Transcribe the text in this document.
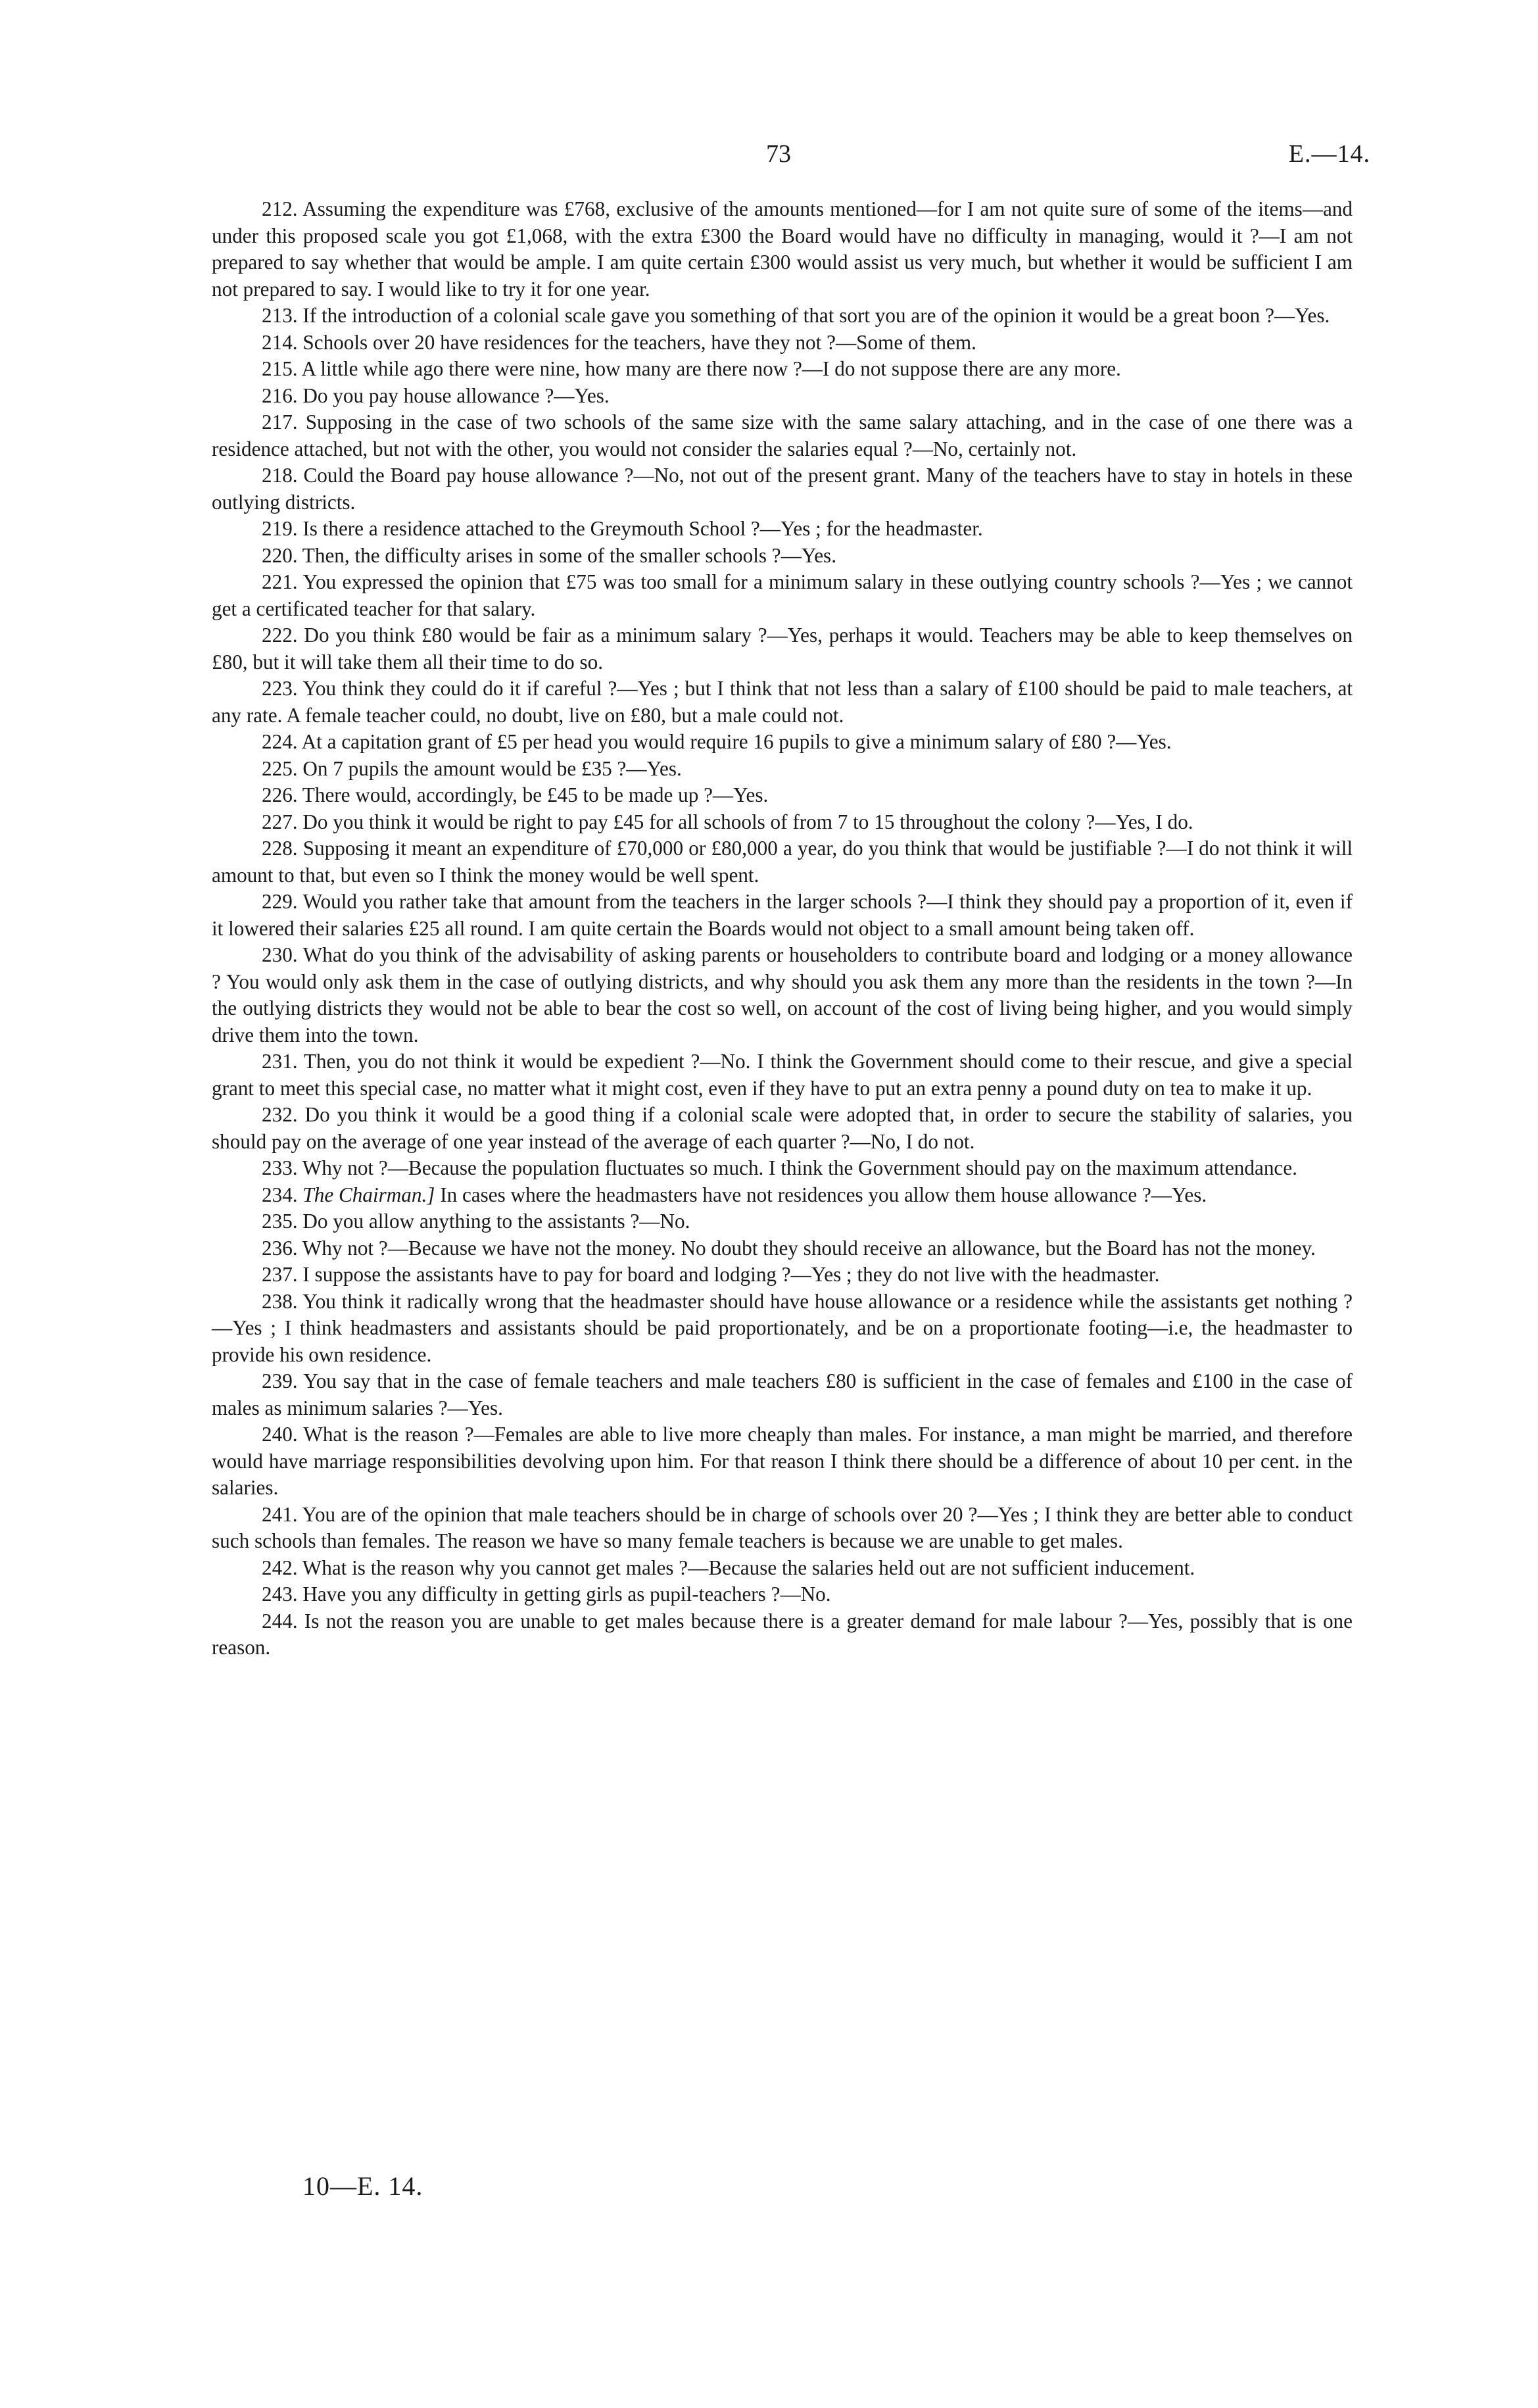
73	E.—14.

212. Assuming the expenditure was £768, exclusive of the amounts mentioned—for I am not quite sure of some of the items—and under this proposed scale you got £1,068, with the extra £300 the Board would have no difficulty in managing, would it ?—I am not prepared to say whether that would be ample. I am quite certain £300 would assist us very much, but whether it would be sufficient I am not prepared to say. I would like to try it for one year.

213. If the introduction of a colonial scale gave you something of that sort you are of the opinion it would be a great boon ?—Yes.

214. Schools over 20 have residences for the teachers, have they not ?—Some of them.

215. A little while ago there were nine, how many are there now ?—I do not suppose there are any more.

216. Do you pay house allowance ?—Yes.

217. Supposing in the case of two schools of the same size with the same salary attaching, and in the case of one there was a residence attached, but not with the other, you would not consider the salaries equal ?—No, certainly not.

218. Could the Board pay house allowance ?—No, not out of the present grant. Many of the teachers have to stay in hotels in these outlying districts.

219. Is there a residence attached to the Greymouth School ?—Yes ; for the headmaster.

220. Then, the difficulty arises in some of the smaller schools ?—Yes.

221. You expressed the opinion that £75 was too small for a minimum salary in these outlying country schools ?—Yes ; we cannot get a certificated teacher for that salary.

222. Do you think £80 would be fair as a minimum salary ?—Yes, perhaps it would. Teachers may be able to keep themselves on £80, but it will take them all their time to do so.

223. You think they could do it if careful ?—Yes ; but I think that not less than a salary of £100 should be paid to male teachers, at any rate. A female teacher could, no doubt, live on £80, but a male could not.

224. At a capitation grant of £5 per head you would require 16 pupils to give a minimum salary of £80 ?—Yes.

225. On 7 pupils the amount would be £35 ?—Yes.

226. There would, accordingly, be £45 to be made up ?—Yes.

227. Do you think it would be right to pay £45 for all schools of from 7 to 15 throughout the colony ?—Yes, I do.

228. Supposing it meant an expenditure of £70,000 or £80,000 a year, do you think that would be justifiable ?—I do not think it will amount to that, but even so I think the money would be well spent.

229. Would you rather take that amount from the teachers in the larger schools ?—I think they should pay a proportion of it, even if it lowered their salaries £25 all round. I am quite certain the Boards would not object to a small amount being taken off.

230. What do you think of the advisability of asking parents or householders to contribute board and lodging or a money allowance ? You would only ask them in the case of outlying districts, and why should you ask them any more than the residents in the town ?—In the outlying districts they would not be able to bear the cost so well, on account of the cost of living being higher, and you would simply drive them into the town.

231. Then, you do not think it would be expedient ?—No. I think the Government should come to their rescue, and give a special grant to meet this special case, no matter what it might cost, even if they have to put an extra penny a pound duty on tea to make it up.

232. Do you think it would be a good thing if a colonial scale were adopted that, in order to secure the stability of salaries, you should pay on the average of one year instead of the average of each quarter ?—No, I do not.

233. Why not ?—Because the population fluctuates so much. I think the Government should pay on the maximum attendance.

234. The Chairman.] In cases where the headmasters have not residences you allow them house allowance ?—Yes.

235. Do you allow anything to the assistants ?—No.

236. Why not ?—Because we have not the money. No doubt they should receive an allowance, but the Board has not the money.

237. I suppose the assistants have to pay for board and lodging ?—Yes ; they do not live with the headmaster.

238. You think it radically wrong that the headmaster should have house allowance or a residence while the assistants get nothing ?—Yes ; I think headmasters and assistants should be paid proportionately, and be on a proportionate footing—i.e, the headmaster to provide his own residence.

239. You say that in the case of female teachers and male teachers £80 is sufficient in the case of females and £100 in the case of males as minimum salaries ?—Yes.

240. What is the reason ?—Females are able to live more cheaply than males. For instance, a man might be married, and therefore would have marriage responsibilities devolving upon him. For that reason I think there should be a difference of about 10 per cent. in the salaries.

241. You are of the opinion that male teachers should be in charge of schools over 20 ?—Yes ; I think they are better able to conduct such schools than females. The reason we have so many female teachers is because we are unable to get males.

242. What is the reason why you cannot get males ?—Because the salaries held out are not sufficient inducement.

243. Have you any difficulty in getting girls as pupil-teachers ?—No.

244. Is not the reason you are unable to get males because there is a greater demand for male labour ?—Yes, possibly that is one reason.

10—E. 14.
